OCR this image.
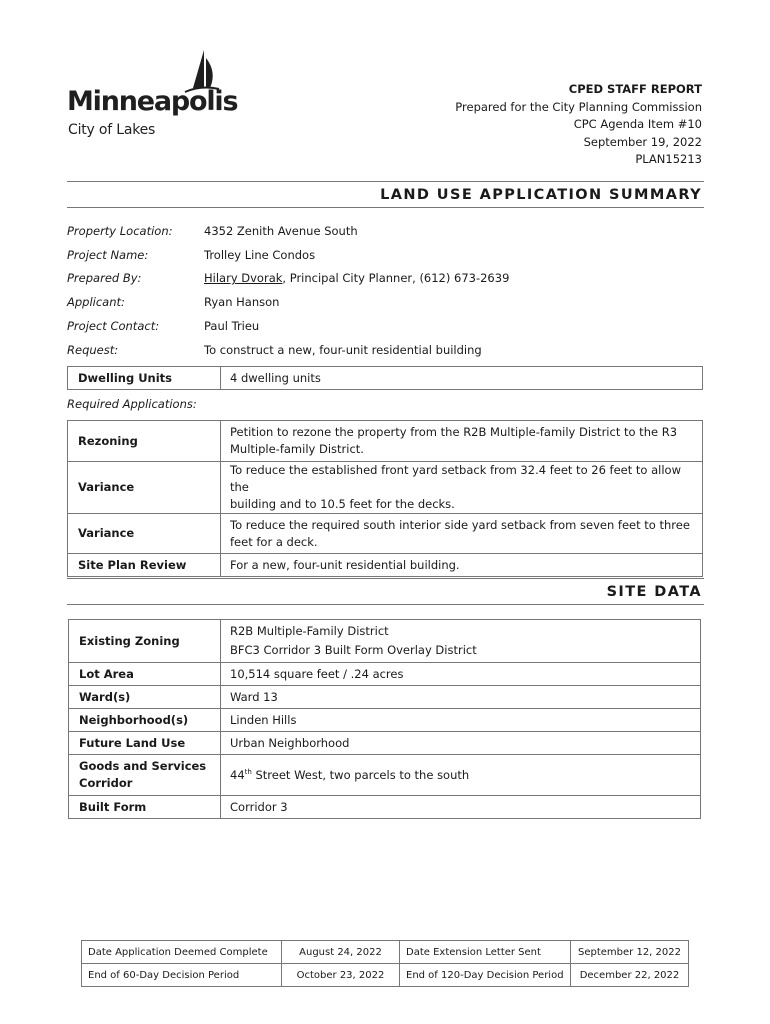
Minneapolis
City of Lakes
CPED STAFF REPORT
Prepared for the City Planning Commission
CPC Agenda Item #10
September 19, 2022
PLAN15213
LAND USE APPLICATION SUMMARY
Property Location:	4352 Zenith Avenue South
Project Name:	Trolley Line Condos
Prepared By:	Hilary Dvorak, Principal City Planner, (612) 673-2639
Applicant:	Ryan Hanson
Project Contact:	Paul Trieu
Request:	To construct a new, four-unit residential building
Dwelling Units	4 dwelling units
Required Applications:
Rezoning	Petition to rezone the property from the R2B Multiple-family District to the R3
Multiple-family District.

Variance	To reduce the established front yard setback from 32.4 feet to 26 feet to allow the
building and to 10.5 feet for the decks.

Variance	To reduce the required south interior side yard setback from seven feet to three
feet for a deck.

Site Plan Review	For a new, four-unit residential building.
SITE DATA
Existing Zoning	R2B Multiple-Family District
BFC3 Corridor 3 Built Form Overlay District

Lot Area	10,514 square feet / .24 acres
Ward(s)	Ward 13
Neighborhood(s)	Linden Hills
Future Land Use	Urban Neighborhood

Goods and Services
Corridor	44th Street West, two parcels to the south
Built Form	Corridor 3
Date Application Deemed Complete	August 24, 2022	Date Extension Letter Sent	September 12, 2022
End of 60-Day Decision Period	October 23, 2022	End of 120-Day Decision Period	December 22, 2022
